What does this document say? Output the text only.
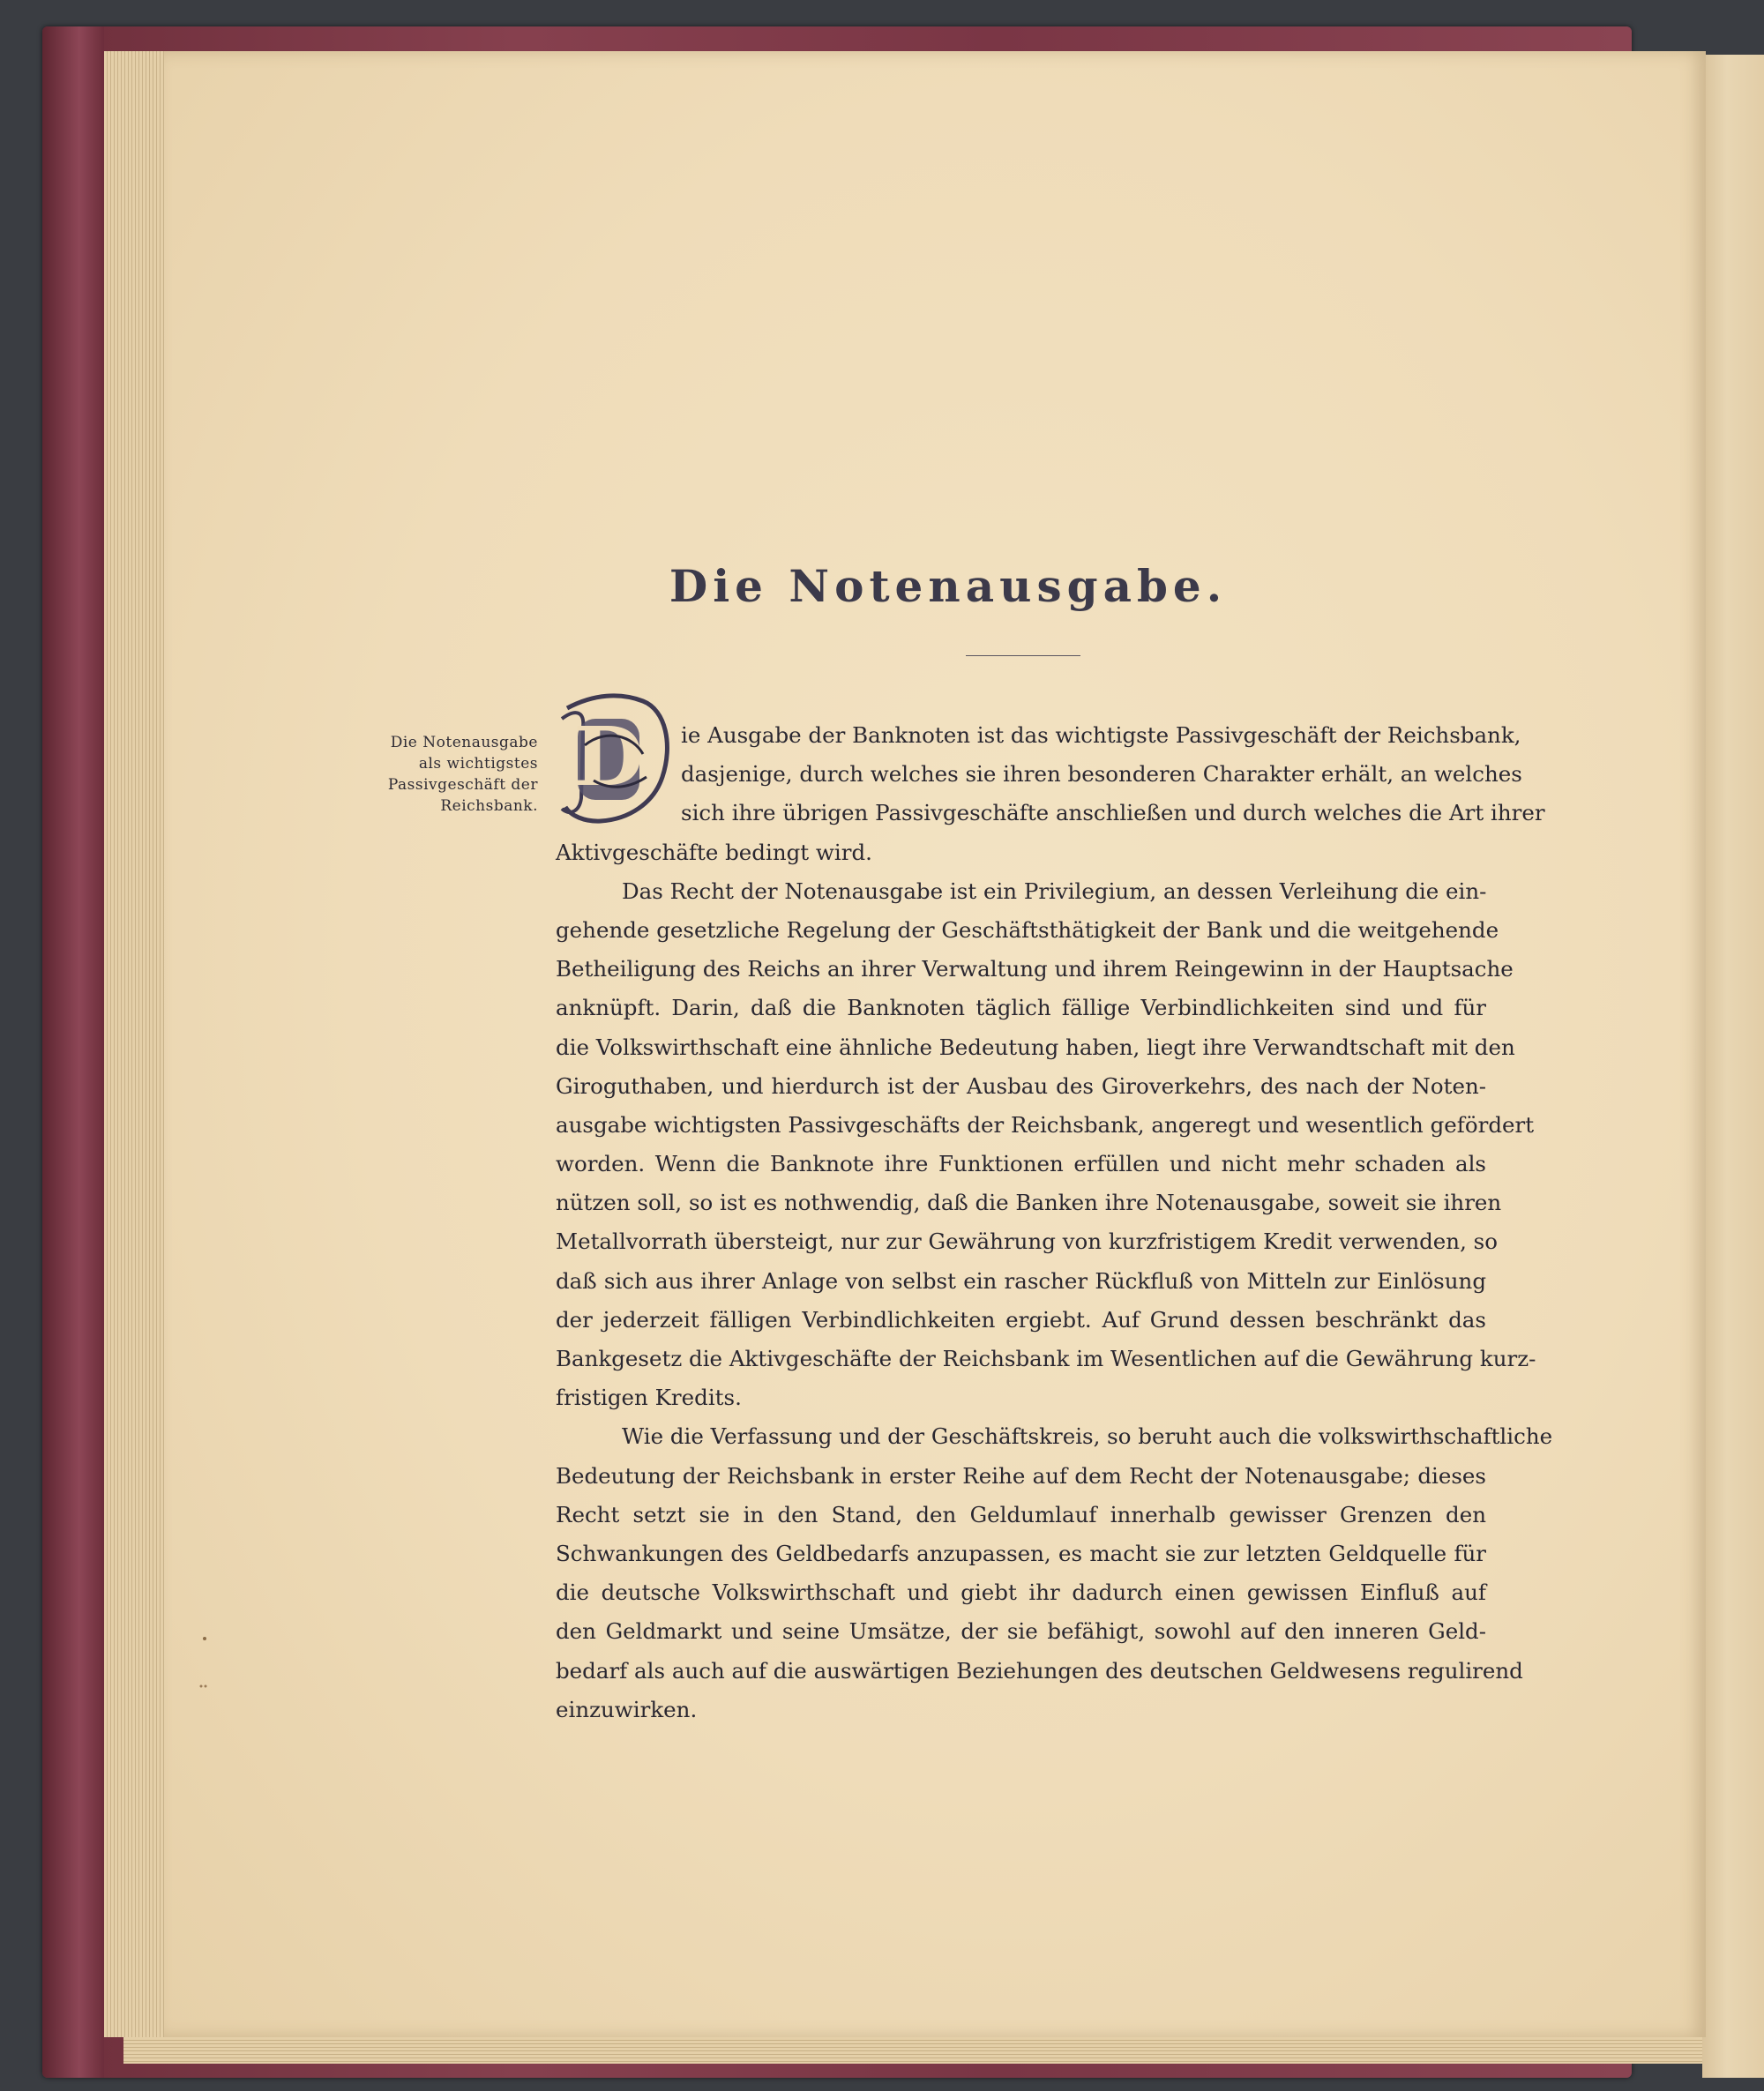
Die Notenausgabe.
Die Notenausgabe
als wichtigstes
Passivgeschäft der
Reichsbank.
D	ie Ausgabe der Banknoten ist das wichtigste Passivgeschäft der Reichsbank,
dasjenige, durch welches sie ihren besonderen Charakter erhält, an welches
sich ihre übrigen Passivgeschäfte anschließen und durch welches die Art ihrer
Aktivgeschäfte bedingt wird.
Das Recht der Notenausgabe ist ein Privilegium, an dessen Verleihung die ein-
gehende gesetzliche Regelung der Geschäftsthätigkeit der Bank und die weitgehende
Betheiligung des Reichs an ihrer Verwaltung und ihrem Reingewinn in der Hauptsache
anknüpft. Darin, daß die Banknoten täglich fällige Verbindlichkeiten sind und für
die Volkswirthschaft eine ähnliche Bedeutung haben, liegt ihre Verwandtschaft mit den
Giroguthaben, und hierdurch ist der Ausbau des Giroverkehrs, des nach der Noten-
ausgabe wichtigsten Passivgeschäfts der Reichsbank, angeregt und wesentlich gefördert
worden. Wenn die Banknote ihre Funktionen erfüllen und nicht mehr schaden als
nützen soll, so ist es nothwendig, daß die Banken ihre Notenausgabe, soweit sie ihren
Metallvorrath übersteigt, nur zur Gewährung von kurzfristigem Kredit verwenden, so
daß sich aus ihrer Anlage von selbst ein rascher Rückfluß von Mitteln zur Einlösung
der jederzeit fälligen Verbindlichkeiten ergiebt. Auf Grund dessen beschränkt das
Bankgesetz die Aktivgeschäfte der Reichsbank im Wesentlichen auf die Gewährung kurz-
fristigen Kredits.
Wie die Verfassung und der Geschäftskreis, so beruht auch die volkswirthschaftliche
Bedeutung der Reichsbank in erster Reihe auf dem Recht der Notenausgabe; dieses
Recht setzt sie in den Stand, den Geldumlauf innerhalb gewisser Grenzen den
Schwankungen des Geldbedarfs anzupassen, es macht sie zur letzten Geldquelle für
die deutsche Volkswirthschaft und giebt ihr dadurch einen gewissen Einfluß auf
den Geldmarkt und seine Umsätze, der sie befähigt, sowohl auf den inneren Geld-
bedarf als auch auf die auswärtigen Beziehungen des deutschen Geldwesens regulirend
einzuwirken.
